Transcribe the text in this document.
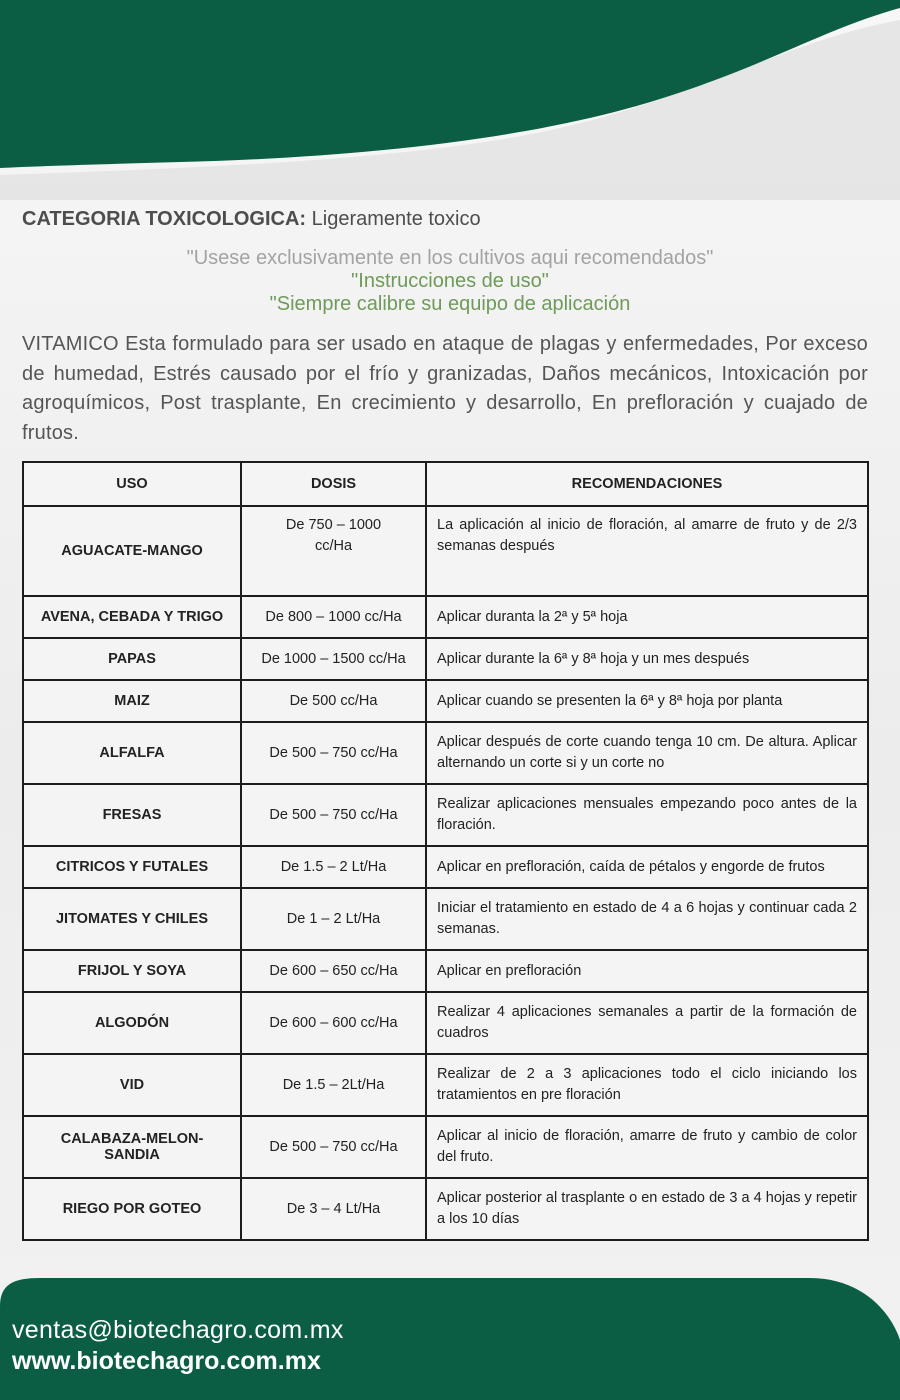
CATEGORIA TOXICOLOGICA: Ligeramente toxico
"Usese exclusivamente en los cultivos aqui recomendados"
"Instrucciones de uso"
"Siempre calibre su equipo de aplicación
VITAMICO Esta formulado para ser usado en ataque de plagas y enfermedades, Por exceso de humedad, Estrés causado por el frío y granizadas, Daños mecánicos, Intoxicación por agroquímicos, Post trasplante, En crecimiento y desarrollo, En prefloración y cuajado de frutos.
USO	DOSIS	RECOMENDACIONES
AGUACATE-MANGO	De 750 – 1000 cc/Ha	La aplicación al inicio de floración, al amarre de fruto y de 2/3 semanas después
AVENA, CEBADA Y TRIGO	De 800 – 1000 cc/Ha	Aplicar duranta la 2ª y 5ª hoja
PAPAS	De 1000 – 1500 cc/Ha	Aplicar durante la 6ª y 8ª hoja y un mes después
MAIZ	De 500 cc/Ha	Aplicar cuando se presenten la 6ª y 8ª hoja por planta
ALFALFA	De 500 – 750 cc/Ha	Aplicar después de corte cuando tenga 10 cm. De altura. Aplicar alternando un corte si y un corte no
FRESAS	De 500 – 750 cc/Ha	Realizar aplicaciones mensuales empezando poco antes de la floración.
CITRICOS Y FUTALES	De 1.5 – 2 Lt/Ha	Aplicar en prefloración, caída de pétalos y engorde de frutos
JITOMATES Y CHILES	De 1 – 2 Lt/Ha	Iniciar el tratamiento en estado de 4 a 6 hojas y continuar cada 2 semanas.
FRIJOL Y SOYA	De 600 – 650 cc/Ha	Aplicar en prefloración
ALGODÓN	De 600 – 600 cc/Ha	Realizar 4 aplicaciones semanales a partir de la formación de cuadros
VID	De 1.5 – 2Lt/Ha	Realizar de 2 a 3 aplicaciones todo el ciclo iniciando los tratamientos en pre floración
CALABAZA-MELON-SANDIA	De 500 – 750 cc/Ha	Aplicar al inicio de floración, amarre de fruto y cambio de color del fruto.
RIEGO POR GOTEO	De 3 – 4 Lt/Ha	Aplicar posterior al trasplante o en estado de 3 a 4 hojas y repetir a los 10 días
ventas@biotechagro.com.mx
www.biotechagro.com.mx
